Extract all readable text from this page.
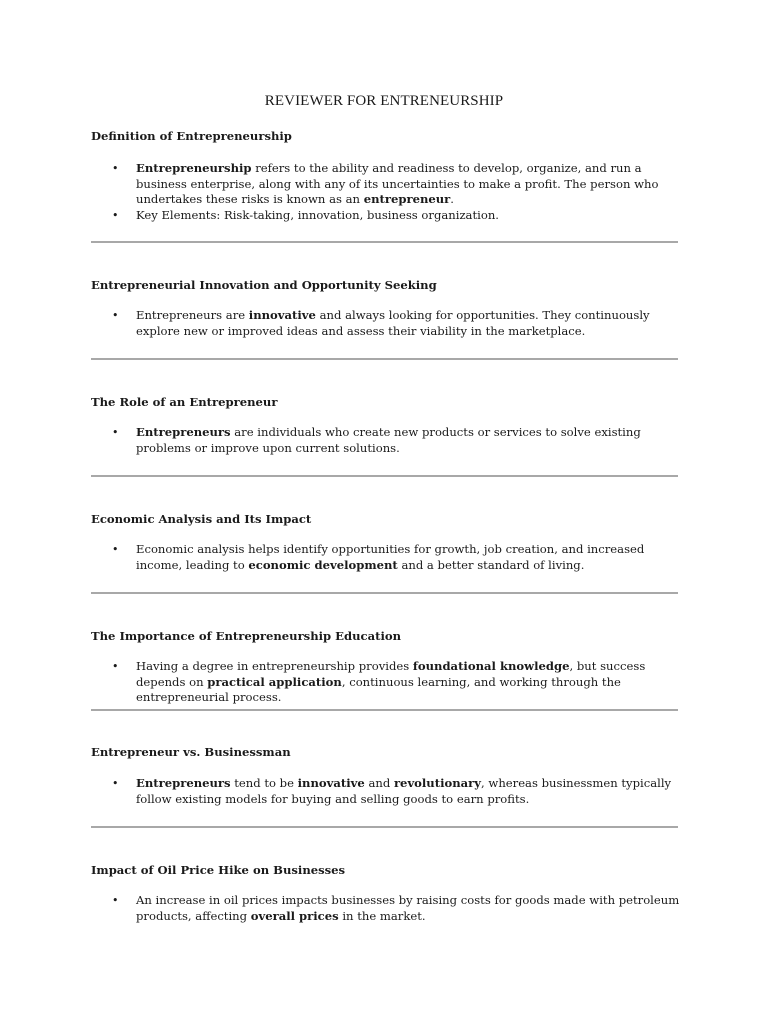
REVIEWER FOR ENTRENEURSHIP
Definition of Entrepreneurship
• Entrepreneurship refers to the ability and readiness to develop, organize, and run a business enterprise, along with any of its uncertainties to make a profit. The person who undertakes these risks is known as an entrepreneur.

• Key Elements: Risk-taking, innovation, business organization.

Entrepreneurial Innovation and Opportunity Seeking
• Entrepreneurs are innovative and always looking for opportunities. They continuously explore new or improved ideas and assess their viability in the marketplace.

The Role of an Entrepreneur
• Entrepreneurs are individuals who create new products or services to solve existing problems or improve upon current solutions.

Economic Analysis and Its Impact
• Economic analysis helps identify opportunities for growth, job creation, and increased income, leading to economic development and a better standard of living.

The Importance of Entrepreneurship Education
• Having a degree in entrepreneurship provides foundational knowledge, but success depends on practical application, continuous learning, and working through the entrepreneurial process.

Entrepreneur vs. Businessman
• Entrepreneurs tend to be innovative and revolutionary, whereas businessmen typically follow existing models for buying and selling goods to earn profits.

Impact of Oil Price Hike on Businesses
• An increase in oil prices impacts businesses by raising costs for goods made with petroleum products, affecting overall prices in the market.
